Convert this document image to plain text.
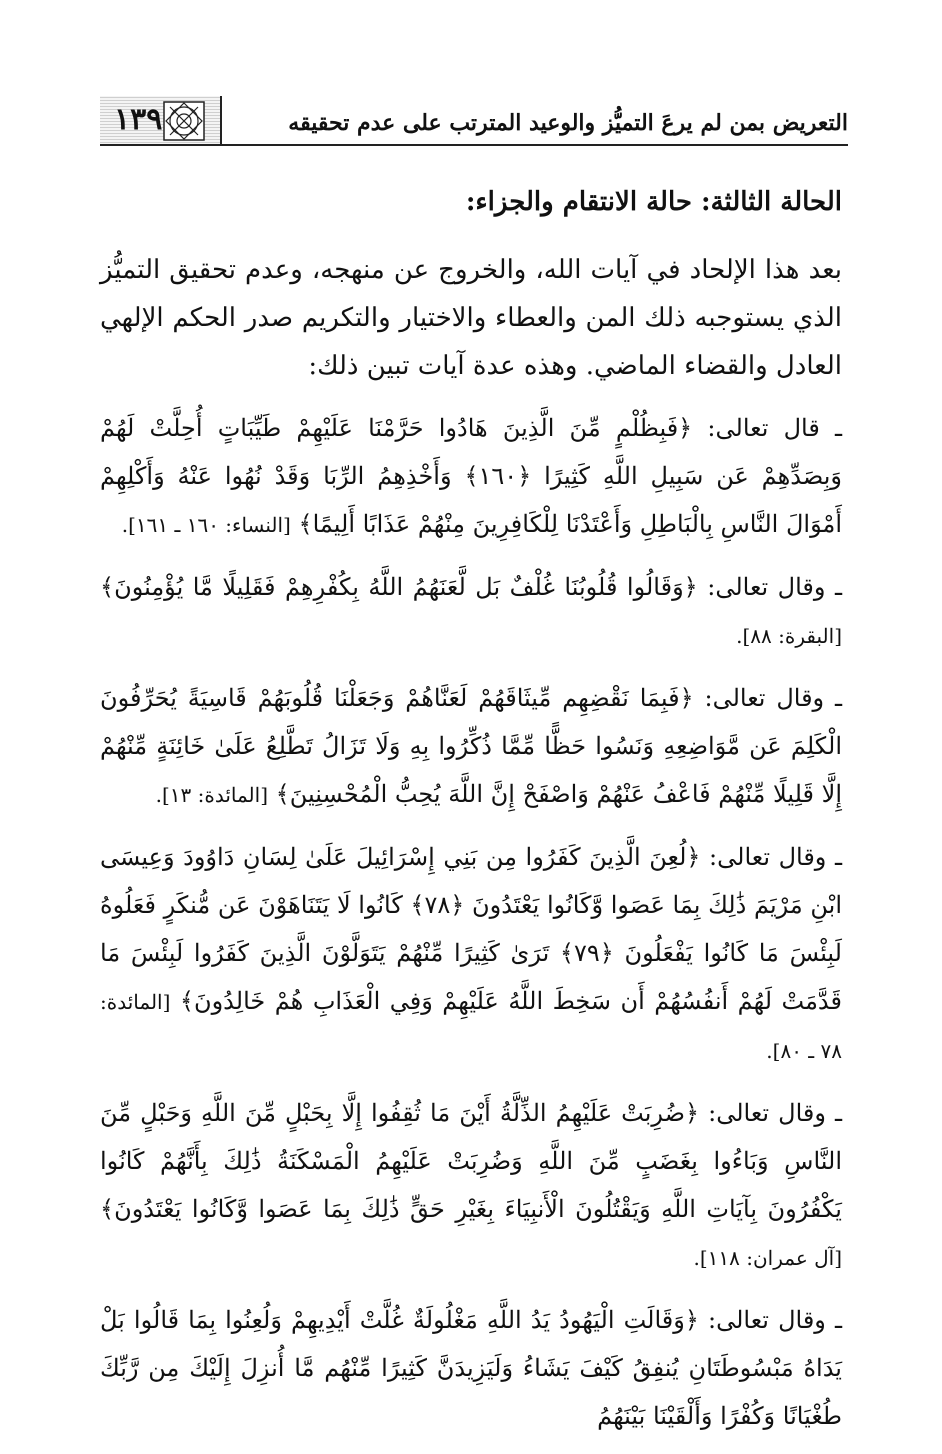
التعريض بمن لم يرعَ التميُّز والوعيد المترتب على عدم تحقيقه
١٣٩

الحالة الثالثة: حالة الانتقام والجزاء:

بعد هذا الإلحاد في آيات الله، والخروج عن منهجه، وعدم تحقيق التميُّز الذي يستوجبه ذلك المن والعطاء والاختيار والتكريم صدر الحكم الإلهي العادل والقضاء الماضي. وهذه عدة آيات تبين ذلك:

ـ قال تعالى: ﴿فَبِظُلْمٍ مِّنَ الَّذِينَ هَادُوا حَرَّمْنَا عَلَيْهِمْ طَيِّبَاتٍ أُحِلَّتْ لَهُمْ وَبِصَدِّهِمْ عَن سَبِيلِ اللَّهِ كَثِيرًا ﴿١٦٠﴾ وَأَخْذِهِمُ الرِّبَا وَقَدْ نُهُوا عَنْهُ وَأَكْلِهِمْ أَمْوَالَ النَّاسِ بِالْبَاطِلِ وَأَعْتَدْنَا لِلْكَافِرِينَ مِنْهُمْ عَذَابًا أَلِيمًا﴾ [النساء: ١٦٠ ـ ١٦١].

ـ وقال تعالى: ﴿وَقَالُوا قُلُوبُنَا غُلْفٌ بَل لَّعَنَهُمُ اللَّهُ بِكُفْرِهِمْ فَقَلِيلًا مَّا يُؤْمِنُونَ﴾ [البقرة: ٨٨].

ـ وقال تعالى: ﴿فَبِمَا نَقْضِهِم مِّيثَاقَهُمْ لَعَنَّاهُمْ وَجَعَلْنَا قُلُوبَهُمْ قَاسِيَةً يُحَرِّفُونَ الْكَلِمَ عَن مَّوَاضِعِهِ وَنَسُوا حَظًّا مِّمَّا ذُكِّرُوا بِهِ وَلَا تَزَالُ تَطَّلِعُ عَلَىٰ خَائِنَةٍ مِّنْهُمْ إِلَّا قَلِيلًا مِّنْهُمْ فَاعْفُ عَنْهُمْ وَاصْفَحْ إِنَّ اللَّهَ يُحِبُّ الْمُحْسِنِينَ﴾ [المائدة: ١٣].

ـ وقال تعالى: ﴿لُعِنَ الَّذِينَ كَفَرُوا مِن بَنِي إِسْرَائِيلَ عَلَىٰ لِسَانِ دَاوُودَ وَعِيسَى ابْنِ مَرْيَمَ ذَٰلِكَ بِمَا عَصَوا وَّكَانُوا يَعْتَدُونَ ﴿٧٨﴾ كَانُوا لَا يَتَنَاهَوْنَ عَن مُّنكَرٍ فَعَلُوهُ لَبِئْسَ مَا كَانُوا يَفْعَلُونَ ﴿٧٩﴾ تَرَىٰ كَثِيرًا مِّنْهُمْ يَتَوَلَّوْنَ الَّذِينَ كَفَرُوا لَبِئْسَ مَا قَدَّمَتْ لَهُمْ أَنفُسُهُمْ أَن سَخِطَ اللَّهُ عَلَيْهِمْ وَفِي الْعَذَابِ هُمْ خَالِدُونَ﴾ [المائدة: ٧٨ ـ ٨٠].

ـ وقال تعالى: ﴿ضُرِبَتْ عَلَيْهِمُ الذِّلَّةُ أَيْنَ مَا ثُقِفُوا إِلَّا بِحَبْلٍ مِّنَ اللَّهِ وَحَبْلٍ مِّنَ النَّاسِ وَبَاءُوا بِغَضَبٍ مِّنَ اللَّهِ وَضُرِبَتْ عَلَيْهِمُ الْمَسْكَنَةُ ذَٰلِكَ بِأَنَّهُمْ كَانُوا يَكْفُرُونَ بِآيَاتِ اللَّهِ وَيَقْتُلُونَ الْأَنبِيَاءَ بِغَيْرِ حَقٍّ ذَٰلِكَ بِمَا عَصَوا وَّكَانُوا يَعْتَدُونَ﴾ [آل عمران: ١١٨].

ـ وقال تعالى: ﴿وَقَالَتِ الْيَهُودُ يَدُ اللَّهِ مَغْلُولَةٌ غُلَّتْ أَيْدِيهِمْ وَلُعِنُوا بِمَا قَالُوا بَلْ يَدَاهُ مَبْسُوطَتَانِ يُنفِقُ كَيْفَ يَشَاءُ وَلَيَزِيدَنَّ كَثِيرًا مِّنْهُم مَّا أُنزِلَ إِلَيْكَ مِن رَّبِّكَ طُغْيَانًا وَكُفْرًا وَأَلْقَيْنَا بَيْنَهُمُ
